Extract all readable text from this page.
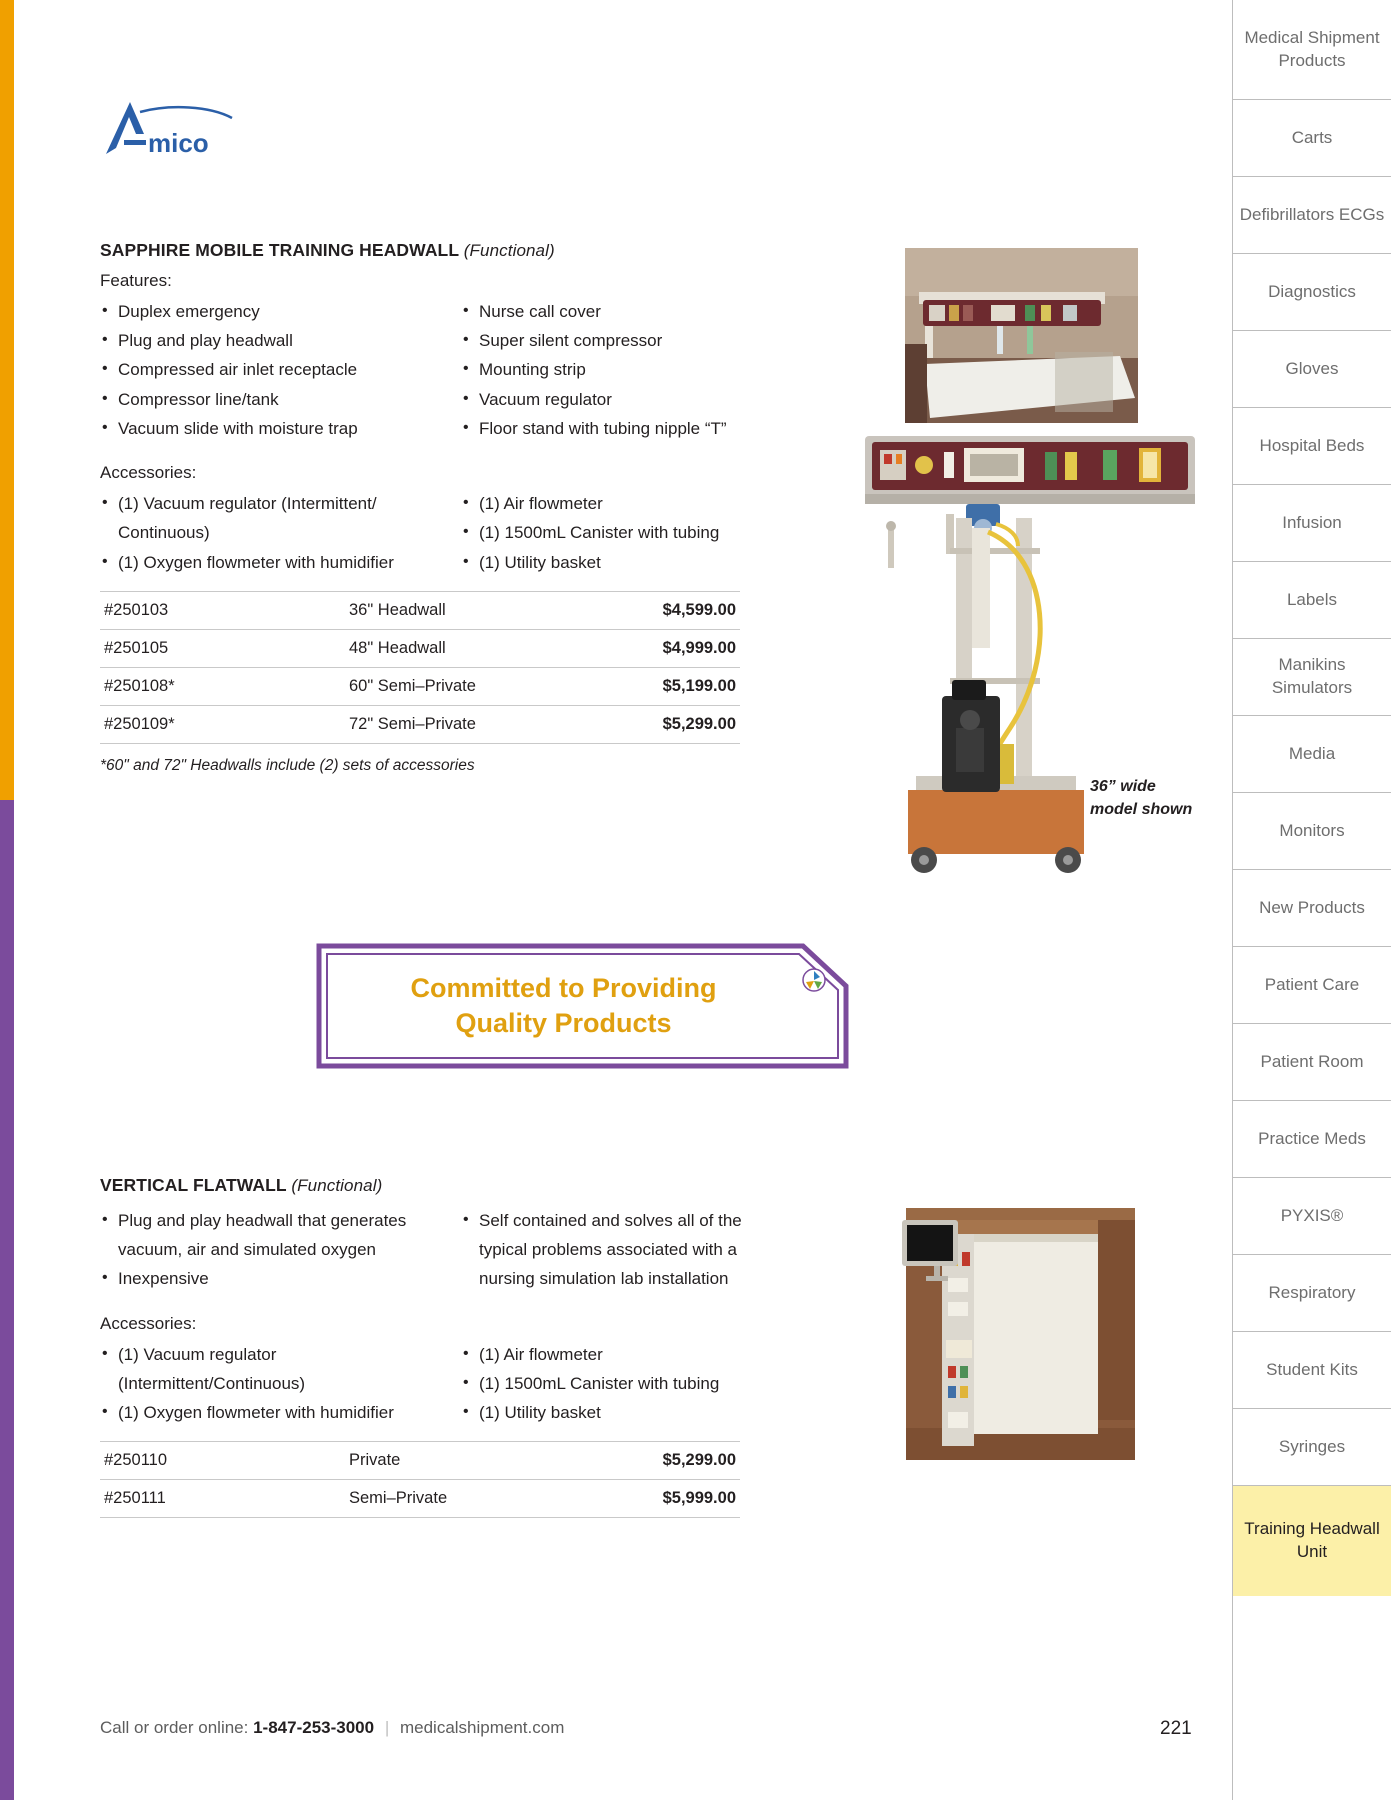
mico
SAPPHIRE MOBILE TRAINING HEADWALL (Functional)

Features:

• Duplex emergency
• Plug and play headwall
• Compressed air inlet receptacle
• Compressor line/tank
• Vacuum slide with moisture trap
• Nurse call cover
• Super silent compressor
• Mounting strip
• Vacuum regulator
• Floor stand with tubing nipple “T”

Accessories:

• (1) Vacuum regulator (Intermittent/ Continuous)
• (1) Oxygen flowmeter with humidifier
• (1) Air flowmeter
• (1) 1500mL Canister with tubing
• (1) Utility basket
#250103	36" Headwall	$4,599.00
#250105	48" Headwall	$4,999.00
#250108*	60" Semi–Private	$5,199.00
#250109*	72" Semi–Private	$5,299.00

*60" and 72" Headwalls include (2) sets of accessories

36” wide model shown
Committed to Providing
Quality Products
VERTICAL FLATWALL (Functional)
• Plug and play headwall that generates vacuum, air and simulated oxygen
• Inexpensive
• Self contained and solves all of the typical problems associated with a nursing simulation lab installation

Accessories:

• (1) Vacuum regulator (Intermittent/Continuous)
• (1) Oxygen flowmeter with humidifier
• (1) Air flowmeter
• (1) 1500mL Canister with tubing
• (1) Utility basket
#250110	Private	$5,299.00
#250111	Semi–Private	$5,999.00
Call or order online: 1-847-253-3000 | medicalshipment.com	221
Medical Shipment Products
Carts
Defibrillators ECGs
Diagnostics
Gloves
Hospital Beds
Infusion
Labels
Manikins Simulators
Media
Monitors
New Products
Patient Care
Patient Room
Practice Meds
PYXIS®
Respiratory
Student Kits
Syringes
Training Headwall Unit
